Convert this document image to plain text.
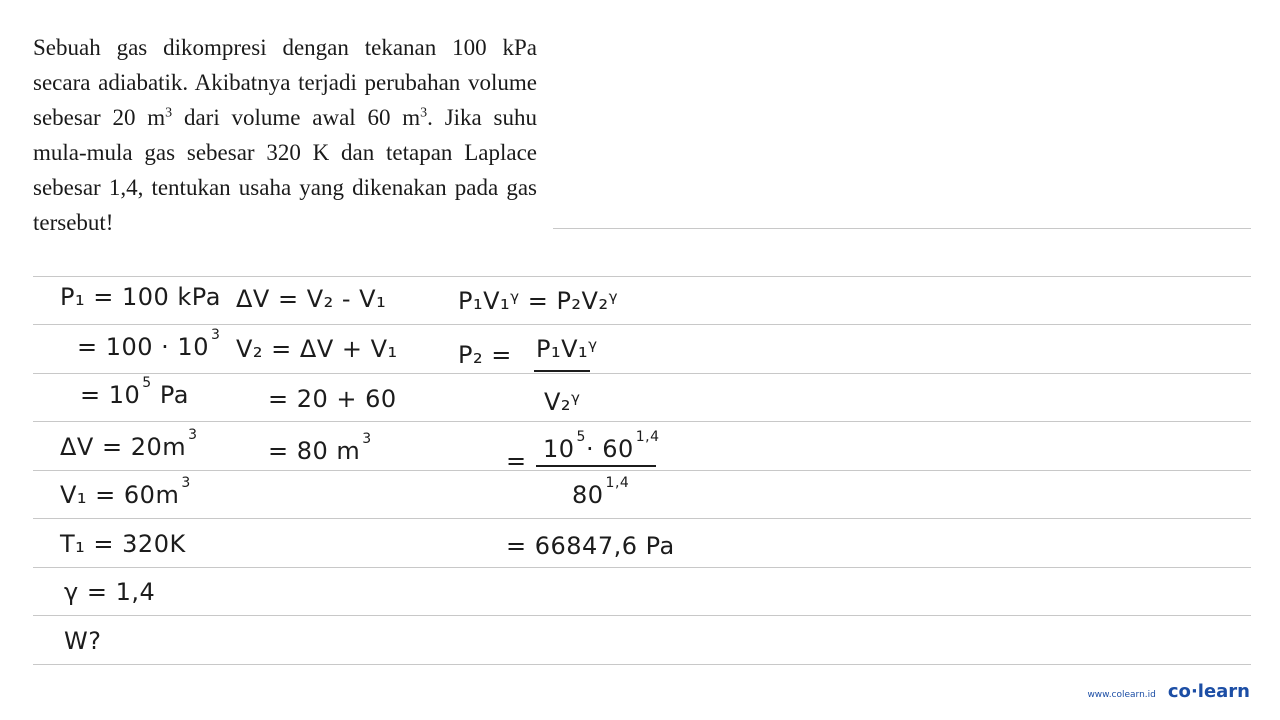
Sebuah gas dikompresi dengan tekanan 100 kPa secara adiabatik. Akibatnya terjadi perubahan volume sebesar 20 $m^3$ dari volume awal 60 $m^3$. Jika suhu mula-mula gas sebesar 320 K dan tetapan Laplace sebesar 1,4, tentukan usaha yang dikenakan pada gas tersebut!

P₁ = 100 kPa
= 100 · 10 $^3$
= 10 $^5$ Pa
ΔV = 20m $^3$
V₁ = 60m $^3$
T₁ = 320K
γ = 1,4
W?
ΔV = V₂ - V₁
V₂ = ΔV + V₁
= 20 + 60
= 80 m $^3$
P₁V₁ᵞ = P₂V₂ᵞ
P₂ = P₁V₁ᵞ
V₂ᵞ
= 10 $^5$· 60 $^{1,4}$
80 $^{1,4}$
= 66847,6 Pa
www.colearn.id co·learn
